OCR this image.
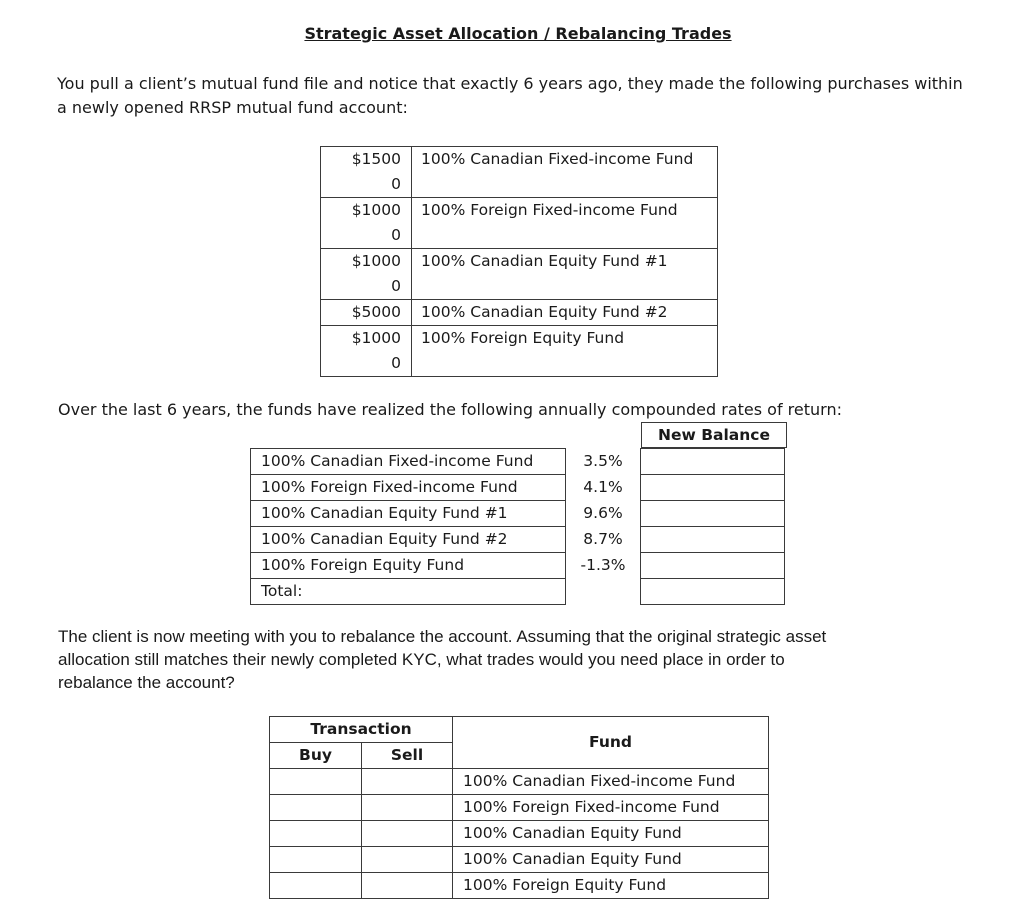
Strategic Asset Allocation / Rebalancing Trades
You pull a client’s mutual fund file and notice that exactly 6 years ago, they made the following purchases within
a newly opened RRSP mutual fund account:
$1500
0	100% Canadian Fixed-income Fund
$1000
0	100% Foreign Fixed-income Fund
$1000
0	100% Canadian Equity Fund #1
$5000	100% Canadian Equity Fund #2
$1000
0	100% Foreign Equity Fund
Over the last 6 years, the funds have realized the following annually compounded rates of return:
New Balance
100% Canadian Fixed-income Fund	3.5%	
100% Foreign Fixed-income Fund	4.1%	
100% Canadian Equity Fund #1	9.6%	
100% Canadian Equity Fund #2	8.7%	
100% Foreign Equity Fund	-1.3%	
Total:		
The client is now meeting with you to rebalance the account. Assuming that the original strategic asset
allocation still matches their newly completed KYC, what trades would you need place in order to
rebalance the account?
Transaction		Fund
Buy	Sell	
		100% Canadian Fixed-income Fund
		100% Foreign Fixed-income Fund
		100% Canadian Equity Fund
		100% Canadian Equity Fund
		100% Foreign Equity Fund
